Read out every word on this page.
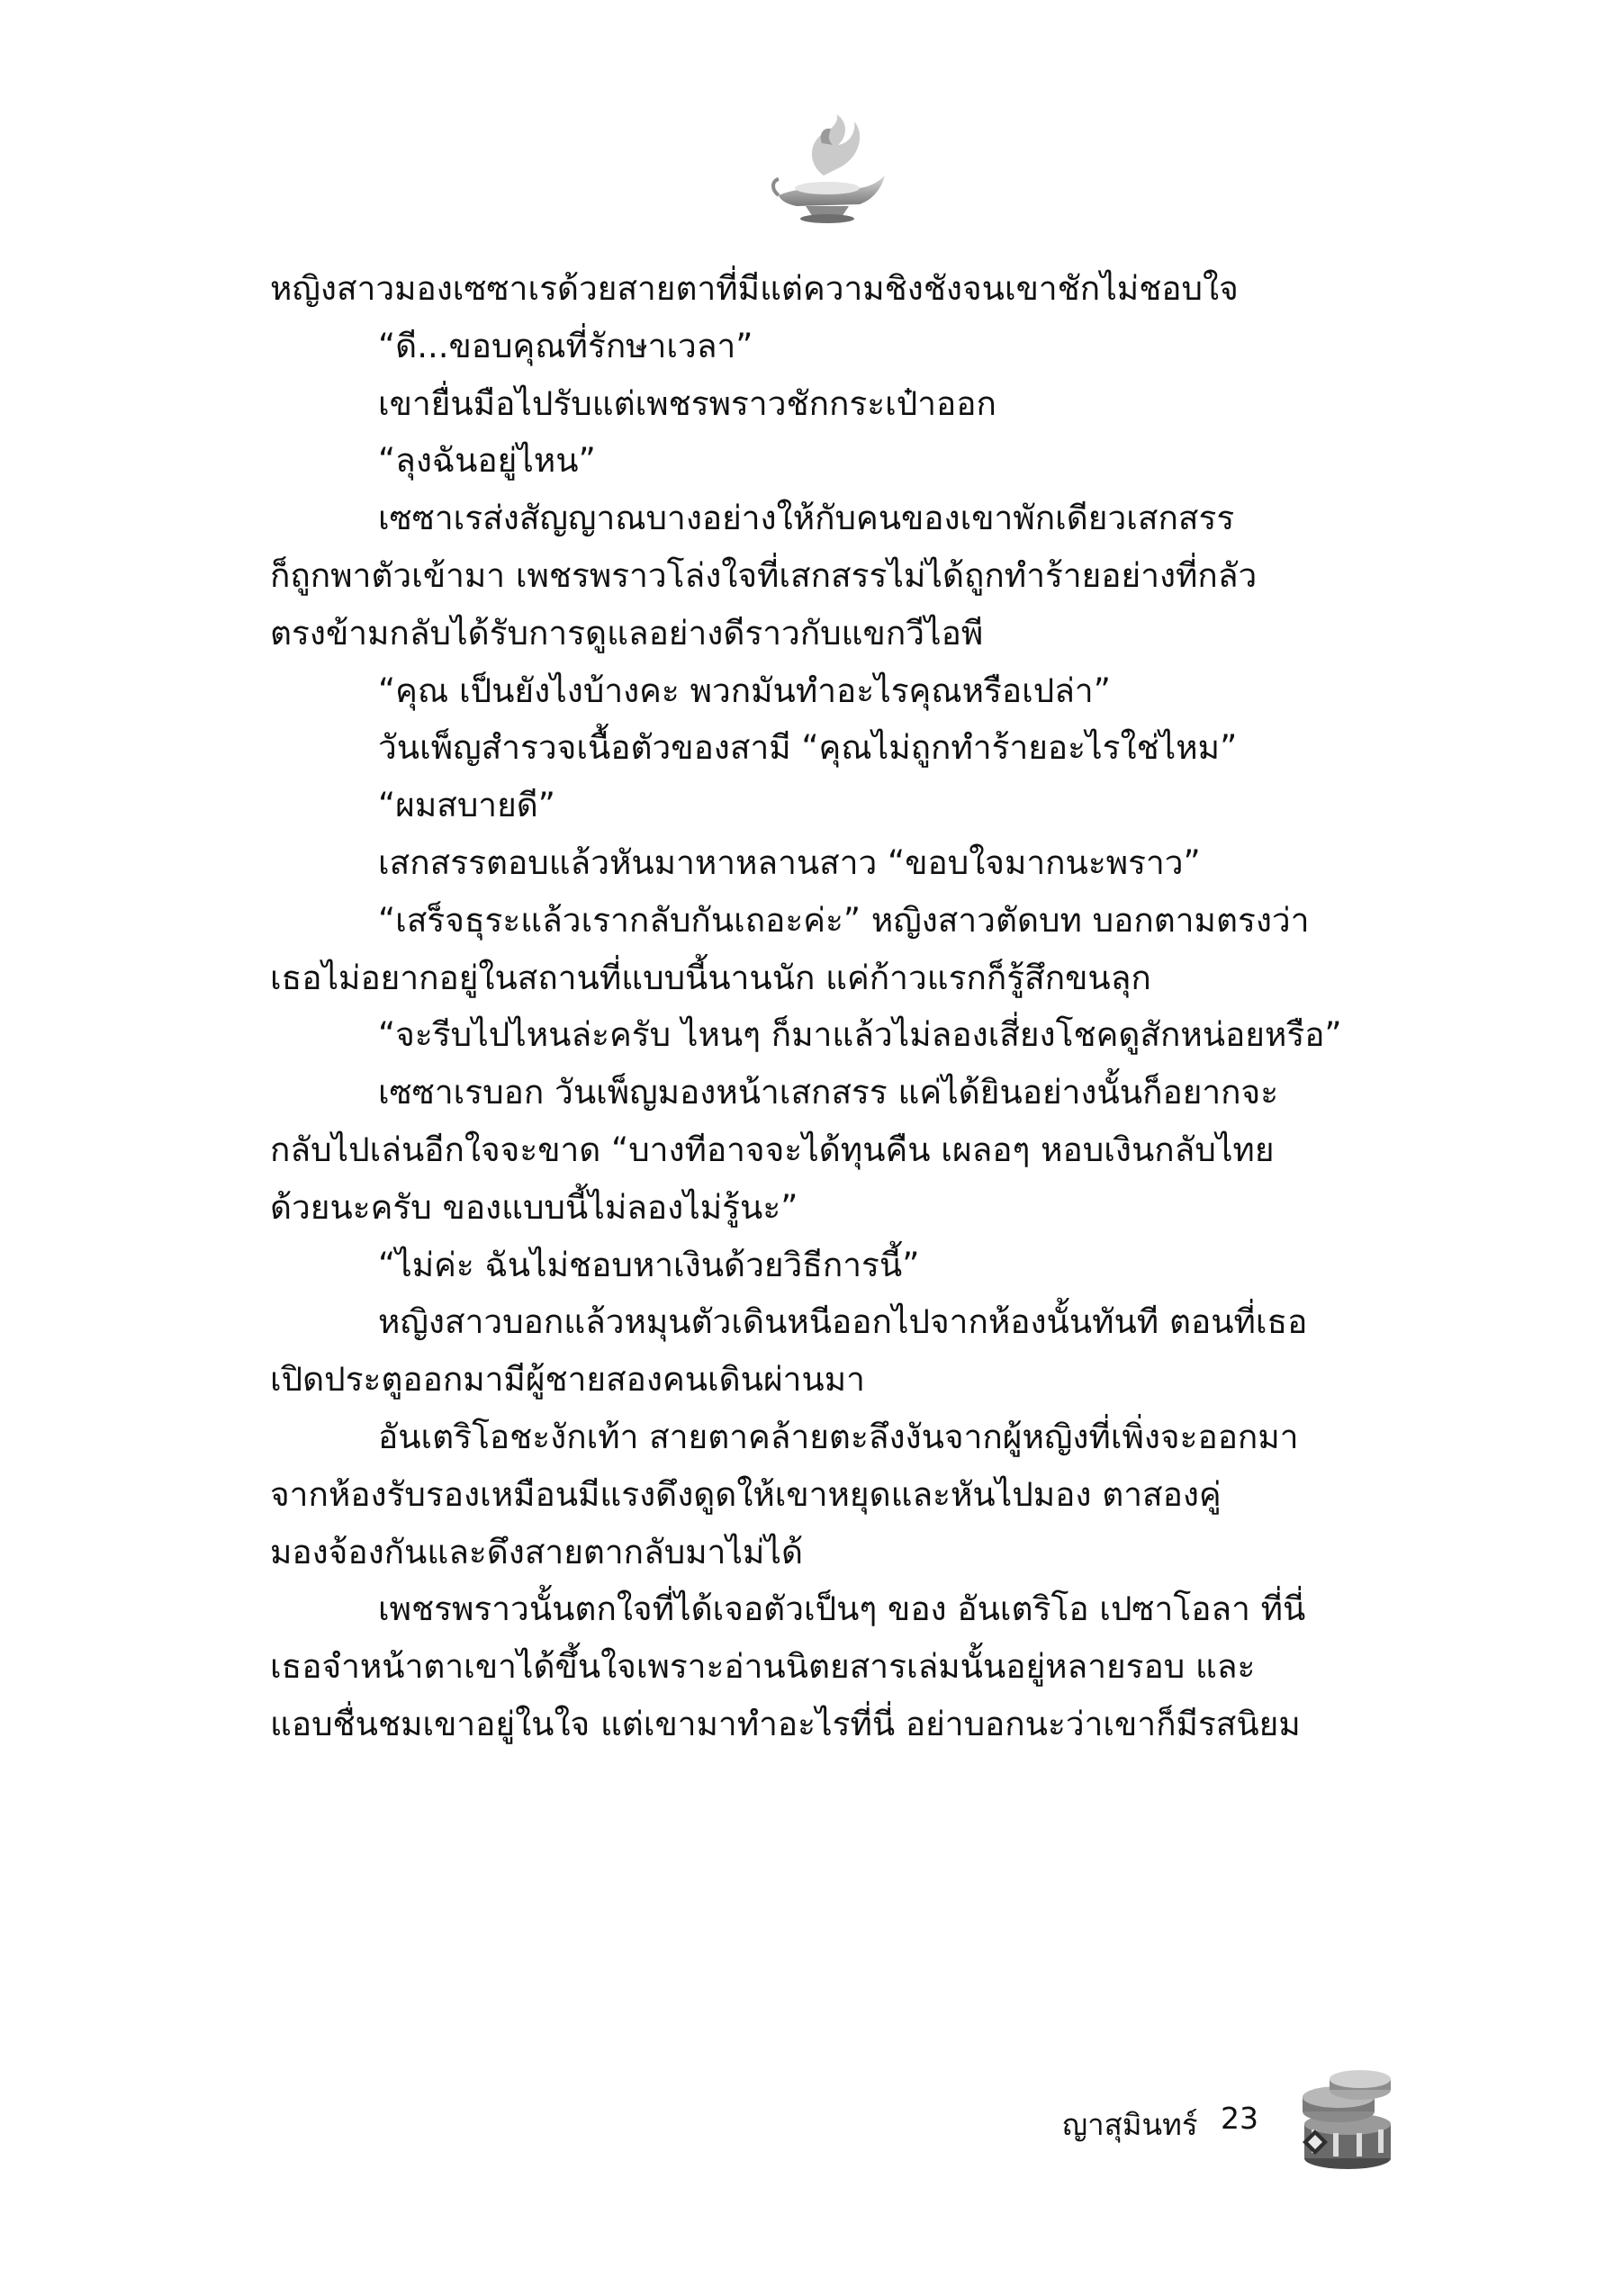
หญิงสาวมองเซซาเรด้วยสายตาที่มีแต่ความชิงชังจนเขาชักไม่ชอบใจ
“ดี...ขอบคุณที่รักษาเวลา”
เขายื่นมือไปรับแต่เพชรพราวชักกระเป๋าออก
“ลุงฉันอยู่ไหน”
เซซาเรส่งสัญญาณบางอย่างให้กับคนของเขาพักเดียวเสกสรร
ก็ถูกพาตัวเข้ามา เพชรพราวโล่งใจที่เสกสรรไม่ได้ถูกทำร้ายอย่างที่กลัว
ตรงข้ามกลับได้รับการดูแลอย่างดีราวกับแขกวีไอพี
“คุณ เป็นยังไงบ้างคะ พวกมันทำอะไรคุณหรือเปล่า”
วันเพ็ญสำรวจเนื้อตัวของสามี “คุณไม่ถูกทำร้ายอะไรใช่ไหม”
“ผมสบายดี”
เสกสรรตอบแล้วหันมาหาหลานสาว “ขอบใจมากนะพราว”
“เสร็จธุระแล้วเรากลับกันเถอะค่ะ” หญิงสาวตัดบท บอกตามตรงว่า
เธอไม่อยากอยู่ในสถานที่แบบนี้นานนัก แค่ก้าวแรกก็รู้สึกขนลุก
“จะรีบไปไหนล่ะครับ ไหนๆ ก็มาแล้วไม่ลองเสี่ยงโชคดูสักหน่อยหรือ”
เซซาเรบอก วันเพ็ญมองหน้าเสกสรร แค่ได้ยินอย่างนั้นก็อยากจะ
กลับไปเล่นอีกใจจะขาด “บางทีอาจจะได้ทุนคืน เผลอๆ หอบเงินกลับไทย
ด้วยนะครับ ของแบบนี้ไม่ลองไม่รู้นะ”
“ไม่ค่ะ ฉันไม่ชอบหาเงินด้วยวิธีการนี้”
หญิงสาวบอกแล้วหมุนตัวเดินหนีออกไปจากห้องนั้นทันที ตอนที่เธอ
เปิดประตูออกมามีผู้ชายสองคนเดินผ่านมา
อันเตริโอชะงักเท้า สายตาคล้ายตะลึงงันจากผู้หญิงที่เพิ่งจะออกมา
จากห้องรับรองเหมือนมีแรงดึงดูดให้เขาหยุดและหันไปมอง ตาสองคู่
มองจ้องกันและดึงสายตากลับมาไม่ได้
เพชรพราวนั้นตกใจที่ได้เจอตัวเป็นๆ ของ อันเตริโอ เปซาโอลา ที่นี่
เธอจำหน้าตาเขาได้ขึ้นใจเพราะอ่านนิตยสารเล่มนั้นอยู่หลายรอบ และ
แอบชื่นชมเขาอยู่ในใจ แต่เขามาทำอะไรที่นี่ อย่าบอกนะว่าเขาก็มีรสนิยม
ญาสุมินทร์ 23
